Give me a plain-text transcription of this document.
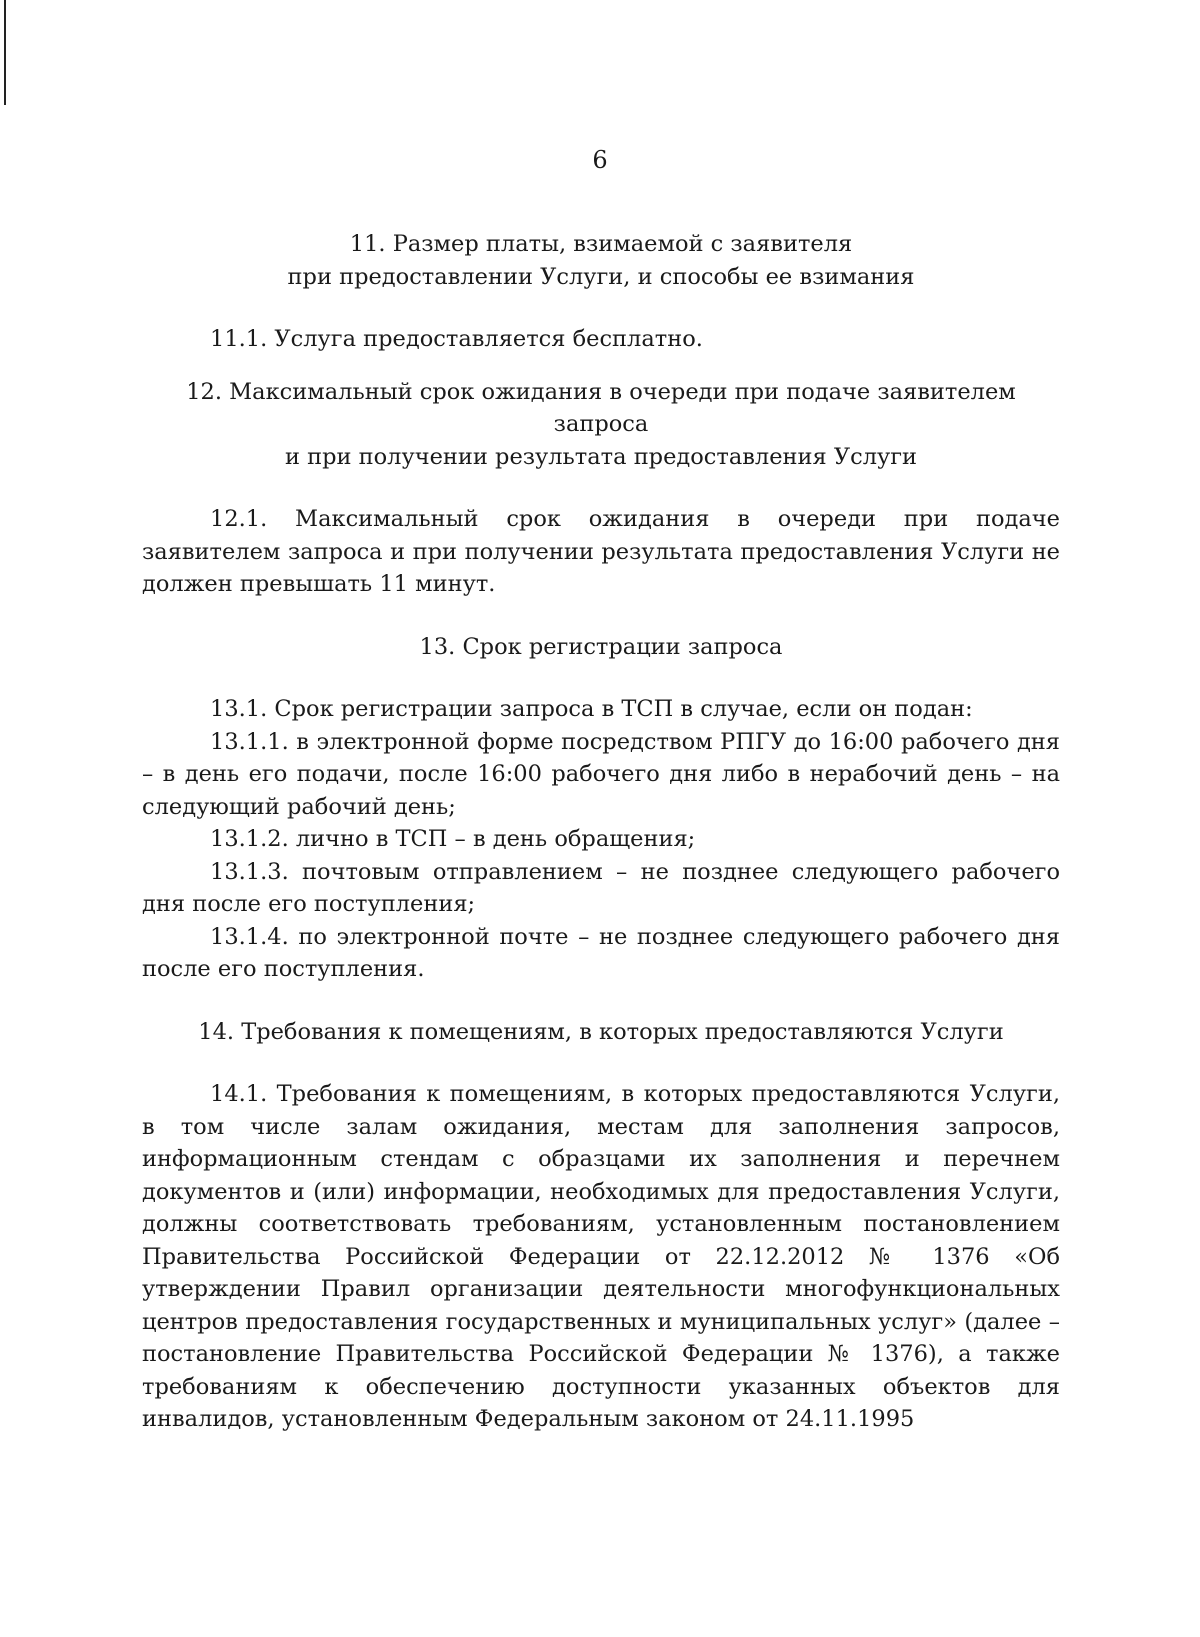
6

11. Размер платы, взимаемой с заявителя

при предоставлении Услуги, и способы ее взимания

11.1. Услуга предоставляется бесплатно.

12. Максимальный срок ожидания в очереди при подаче заявителем запроса

и при получении результата предоставления Услуги

12.1. Максимальный срок ожидания в очереди при подаче заявителем запроса и при получении результата предоставления Услуги не должен превышать 11 минут.

13. Срок регистрации запроса

13.1. Срок регистрации запроса в ТСП в случае, если он подан:

13.1.1. в электронной форме посредством РПГУ до 16:00 рабочего дня – в день его подачи, после 16:00 рабочего дня либо в нерабочий день – на следующий рабочий день;

13.1.2. лично в ТСП – в день обращения;

13.1.3. почтовым отправлением – не позднее следующего рабочего дня после его поступления;

13.1.4. по электронной почте – не позднее следующего рабочего дня после его поступления.

14. Требования к помещениям, в которых предоставляются Услуги

14.1. Требования к помещениям, в которых предоставляются Услуги, в том числе залам ожидания, местам для заполнения запросов, информационным стендам с образцами их заполнения и перечнем документов и (или) информации, необходимых для предоставления Услуги, должны соответствовать требованиям, установленным постановлением Правительства Российской Федерации от 22.12.2012 № 1376 «Об утверждении Правил организации деятельности многофункциональных центров предоставления государственных и муниципальных услуг» (далее – постановление Правительства Российской Федерации № 1376), а также требованиям к обеспечению доступности указанных объектов для инвалидов, установленным Федеральным законом от 24.11.1995
